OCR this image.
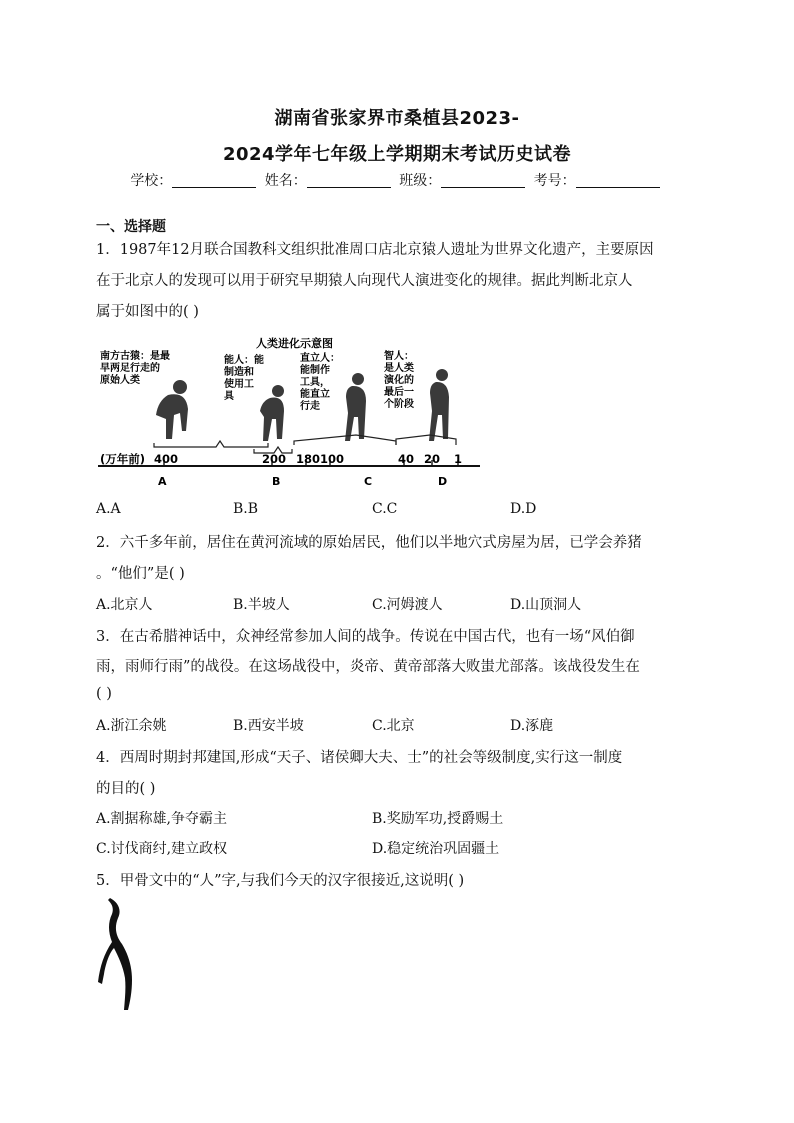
湖南省张家界市桑植县2023-
2024学年七年级上学期期末考试历史试卷
学校：	姓名：	班级：	考号：
一、选择题
1．1987年12月联合国教科文组织批准周口店北京猿人遗址为世界文化遗产，主要原因
在于北京人的发现可以用于研究早期猿人向现代人演进变化的规律。据此判断北京人
属于如图中的( )
人类进化示意图
南方古猿：是最
早两足行走的
原始人类
能人：能
制造和
使用工
具
直立人：
能制作
工具，
能直立
行走
智人：
是人类
演化的
最后一
个阶段
(万年前) 400	200 180 100	40 20 1
A	B	C	D
A.A	B.B	C.C	D.D
2．六千多年前，居住在黄河流域的原始居民，他们以半地穴式房屋为居，已学会养猪
。“他们”是( )
A.北京人	B.半坡人	C.河姆渡人	D.山顶洞人
3．在古希腊神话中，众神经常参加人间的战争。传说在中国古代，也有一场“风伯御
雨，雨师行雨”的战役。在这场战役中，炎帝、黄帝部落大败蚩尤部落。该战役发生在
( )
A.浙江余姚	B.西安半坡	C.北京	D.涿鹿
4．西周时期封邦建国,形成“天子、诸侯卿大夫、士”的社会等级制度,实行这一制度
的目的( )
A.割据称雄,争夺霸主	B.奖励军功,授爵赐土
C.讨伐商纣,建立政权	D.稳定统治巩固疆土
5．甲骨文中的“人”字,与我们今天的汉字很接近,这说明( )
